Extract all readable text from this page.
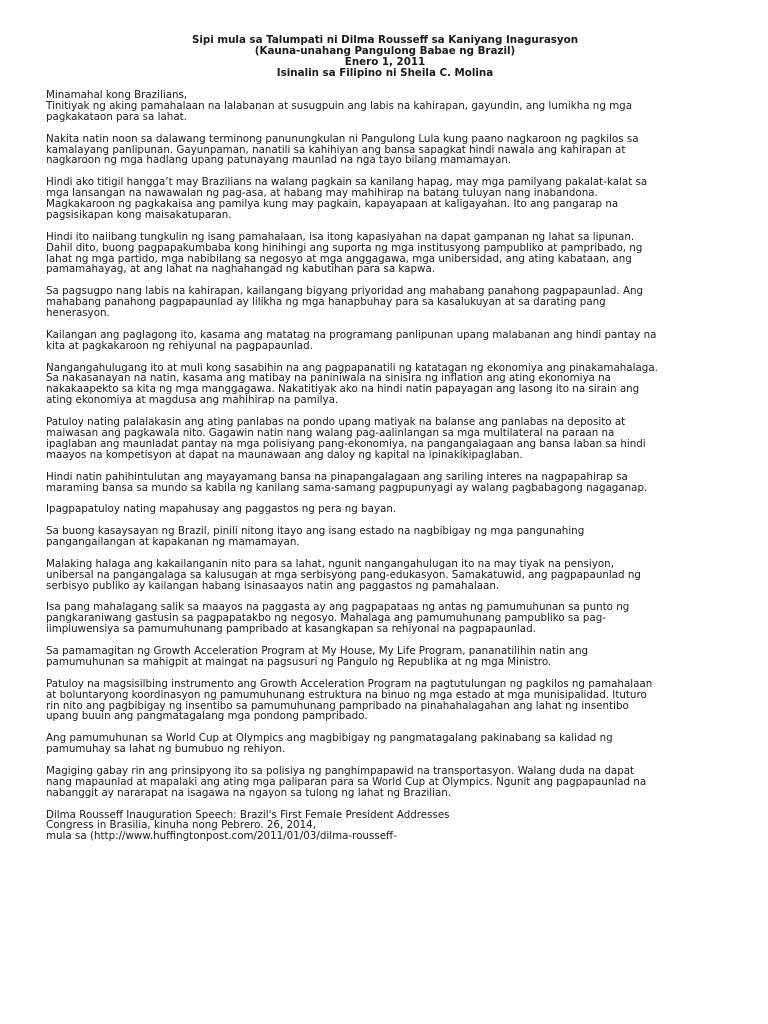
Sipi mula sa Talumpati ni Dilma Rousseff sa Kaniyang Inagurasyon
(Kauna-unahang Pangulong Babae ng Brazil)
Enero 1, 2011
Isinalin sa Filipino ni Sheila C. Molina
Minamahal kong Brazilians,
Tinitiyak ng aking pamahalaan na lalabanan at susugpuin ang labis na kahirapan, gayundin, ang lumikha ng mga
pagkakataon para sa lahat.
Nakita natin noon sa dalawang terminong panunungkulan ni Pangulong Lula kung paano nagkaroon ng pagkilos sa
kamalayang panlipunan. Gayunpaman, nanatili sa kahihiyan ang bansa sapagkat hindi nawala ang kahirapan at
nagkaroon ng mga hadlang upang patunayang maunlad na nga tayo bilang mamamayan.
Hindi ako titigil hangga’t may Brazilians na walang pagkain sa kanilang hapag, may mga pamilyang pakalat-kalat sa
mga lansangan na nawawalan ng pag-asa, at habang may mahihirap na batang tuluyan nang inabandona.
Magkakaroon ng pagkakaisa ang pamilya kung may pagkain, kapayapaan at kaligayahan. Ito ang pangarap na
pagsisikapan kong maisakatuparan.
Hindi ito naiibang tungkulin ng isang pamahalaan, isa itong kapasiyahan na dapat gampanan ng lahat sa lipunan.
Dahil dito, buong pagpapakumbaba kong hinihingi ang suporta ng mga institusyong pampubliko at pampribado, ng
lahat ng mga partido, mga nabibilang sa negosyo at mga anggagawa, mga unibersidad, ang ating kabataan, ang
pamamahayag, at ang lahat na naghahangad ng kabutihan para sa kapwa.
Sa pagsugpo nang labis na kahirapan, kailangang bigyang priyoridad ang mahabang panahong pagpapaunlad. Ang
mahabang panahong pagpapaunlad ay lilikha ng mga hanapbuhay para sa kasalukuyan at sa darating pang
henerasyon.
Kailangan ang paglagong ito, kasama ang matatag na programang panlipunan upang malabanan ang hindi pantay na
kita at pagkakaroon ng rehiyunal na pagpapaunlad.
Nangangahulugang ito at muli kong sasabihin na ang pagpapanatili ng katatagan ng ekonomiya ang pinakamahalaga.
Sa nakasanayan na natin, kasama ang matibay na paniniwala na sinisira ng inflation ang ating ekonomiya na
nakakaapekto sa kita ng mga manggagawa. Nakatitiyak ako na hindi natin papayagan ang lasong ito na sirain ang
ating ekonomiya at magdusa ang mahihirap na pamilya.
Patuloy nating palalakasin ang ating panlabas na pondo upang matiyak na balanse ang panlabas na deposito at
maiwasan ang pagkawala nito. Gagawin natin nang walang pag-aalinlangan sa mga multilateral na paraan na
ipaglaban ang maunladat pantay na mga polisiyang pang-ekonomiya, na pangangalagaan ang bansa laban sa hindi
maayos na kompetisyon at dapat na maunawaan ang daloy ng kapital na ipinakikipaglaban.
Hindi natin pahihintulutan ang mayayamang bansa na pinapangalagaan ang sariling interes na nagpapahirap sa
maraming bansa sa mundo sa kabila ng kanilang sama-samang pagpupunyagi ay walang pagbabagong nagaganap.
Ipagpapatuloy nating mapahusay ang paggastos ng pera ng bayan.
Sa buong kasaysayan ng Brazil, pinili nitong itayo ang isang estado na nagbibigay ng mga pangunahing
pangangailangan at kapakanan ng mamamayan.
Malaking halaga ang kakailanganin nito para sa lahat, ngunit nangangahulugan ito na may tiyak na pensiyon,
unibersal na pangangalaga sa kalusugan at mga serbisyong pang-edukasyon. Samakatuwid, ang pagpapaunlad ng
serbisyo publiko ay kailangan habang isinasaayos natin ang paggastos ng pamahalaan.
Isa pang mahalagang salik sa maayos na paggasta ay ang pagpapataas ng antas ng pamumuhunan sa punto ng
pangkaraniwang gastusin sa pagpapatakbo ng negosyo. Mahalaga ang pamumuhunang pampubliko sa pag-
iimpluwensiya sa pamumuhunang pampribado at kasangkapan sa rehiyonal na pagpapaunlad.
Sa pamamagitan ng Growth Acceleration Program at My House, My Life Program, pananatilihin natin ang
pamumuhunan sa mahigpit at maingat na pagsusuri ng Pangulo ng Republika at ng mga Ministro.
Patuloy na magsisilbing instrumento ang Growth Acceleration Program na pagtutulungan ng pagkilos ng pamahalaan
at boluntaryong koordinasyon ng pamumuhunang estruktura na binuo ng mga estado at mga munisipalidad. Ituturo
rin nito ang pagbibigay ng insentibo sa pamumuhunang pampribado na pinahahalagahan ang lahat ng insentibo
upang buuin ang pangmatagalang mga pondong pampribado.
Ang pamumuhunan sa World Cup at Olympics ang magbibigay ng pangmatagalang pakinabang sa kalidad ng
pamumuhay sa lahat ng bumubuo ng rehiyon.
Magiging gabay rin ang prinsipyong ito sa polisiya ng panghimpapawid na transportasyon. Walang duda na dapat
nang mapaunlad at mapalaki ang ating mga paliparan para sa World Cup at Olympics. Ngunit ang pagpapaunlad na
nabanggit ay nararapat na isagawa na ngayon sa tulong ng lahat ng Brazilian.
Dilma Rousseff Inauguration Speech: Brazil's First Female President Addresses
Congress in Brasilia, kinuha nong Pebrero. 26, 2014,
mula sa (http://www.huffingtonpost.com/2011/01/03/dilma-rousseff-
